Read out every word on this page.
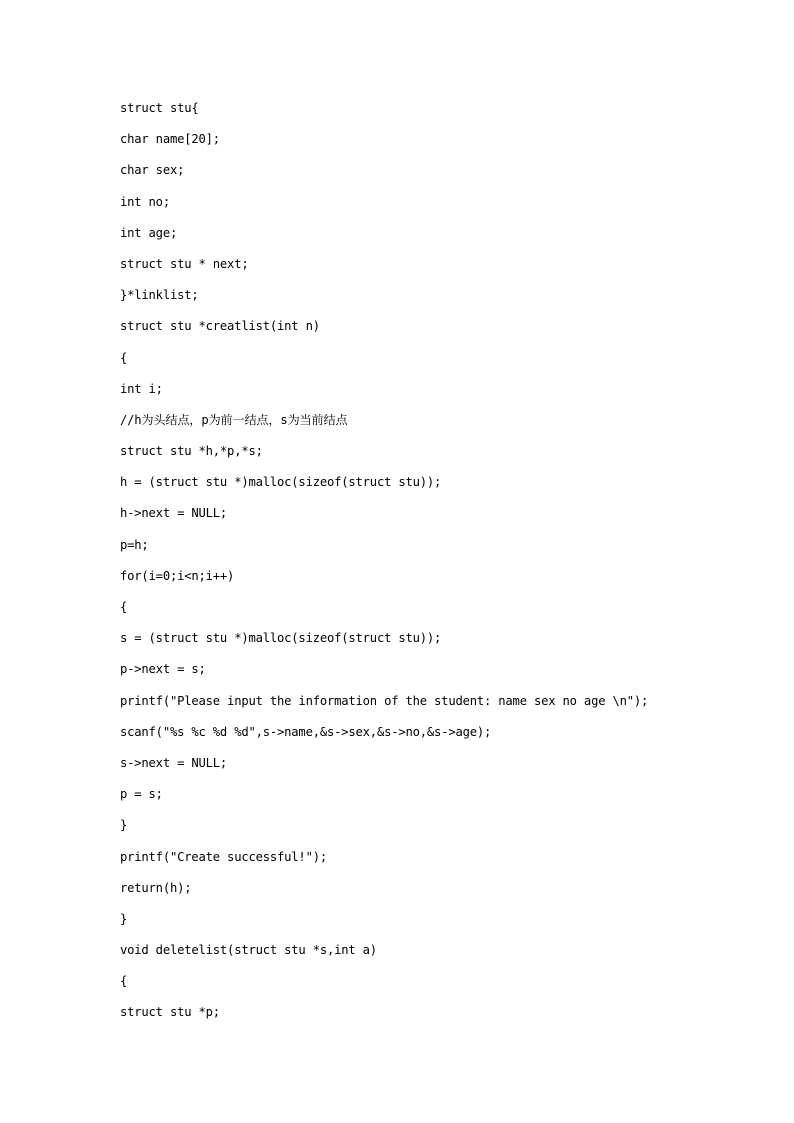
struct stu{
char name[20];
char sex;
int no;
int age;
struct stu * next;
}*linklist;
struct stu *creatlist(int n)
{
int i;
//h为头结点，p为前一结点，s为当前结点
struct stu *h,*p,*s;
h = (struct stu *)malloc(sizeof(struct stu));
h->next = NULL;
p=h;
for(i=0;i<n;i++)
{
s = (struct stu *)malloc(sizeof(struct stu));
p->next = s;
printf("Please input the information of the student: name sex no age \n");
scanf("%s %c %d %d",s->name,&s->sex,&s->no,&s->age);
s->next = NULL;
p = s;
}
printf("Create successful!");
return(h);
}
void deletelist(struct stu *s,int a)
{
struct stu *p;
